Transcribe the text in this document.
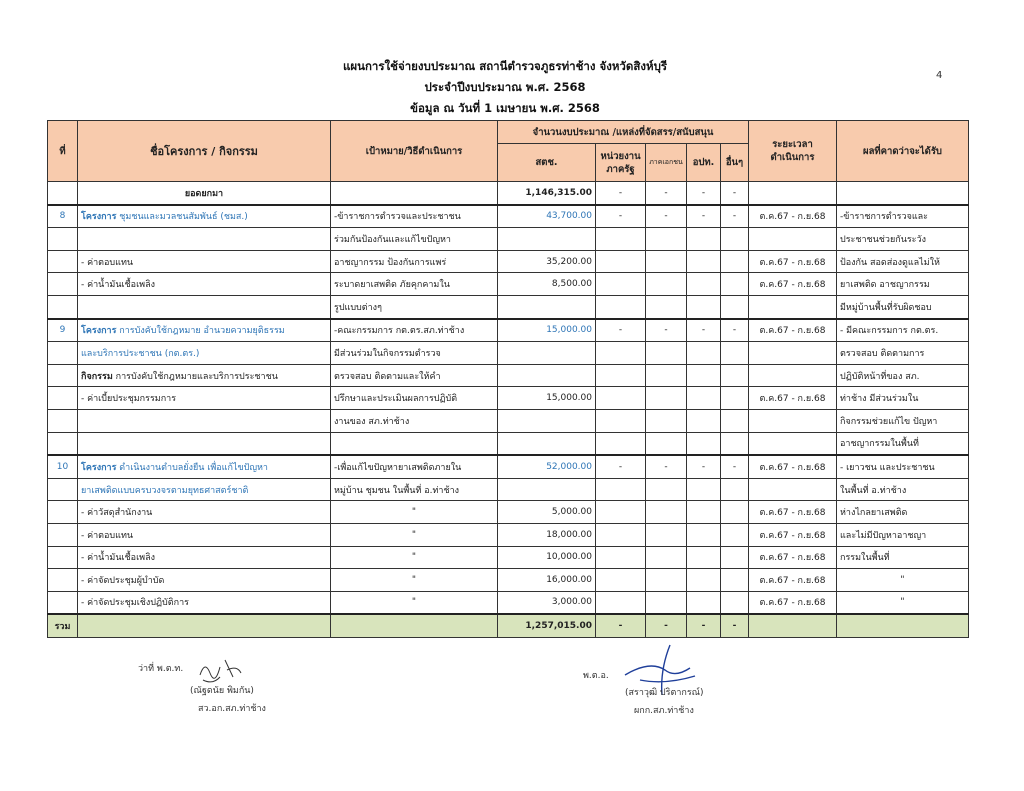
แผนการใช้จ่ายงบประมาณ สถานีตำรวจภูธรท่าช้าง จังหวัดสิงห์บุรี
ประจำปีงบประมาณ พ.ศ. 2568
ข้อมูล ณ วันที่ 1 เมษายน พ.ศ. 2568
4
ที่	ชื่อโครงการ / กิจกรรม	เป้าหมาย/วิธีดำเนินการ	จำนวนงบประมาณ /แหล่งที่จัดสรร/สนับสนุน					ระยะเวลา ดำเนินการ	ผลที่คาดว่าจะได้รับ
			สตช.	หน่วยงาน ภาครัฐ	ภาคเอกชน	อปท.	อื่นๆ		
	ยอดยกมา		1,146,315.00	-	-	-	-		
8	โครงการ ชุมชนและมวลชนสัมพันธ์ (ชมส.)	-ข้าราชการตำรวจและประชาชน	43,700.00	-	-	-	-	ต.ค.67 - ก.ย.68	-ข้าราชการตำรวจและ
		ร่วมกันป้องกันและแก้ไขปัญหา							ประชาชนช่วยกันระวัง
	- ค่าตอบแทน	อาชญากรรม ป้องกันการแพร่	35,200.00					ต.ค.67 - ก.ย.68	ป้องกัน สอดส่องดูแลไม่ให้
	- ค่าน้ำมันเชื้อเพลิง	ระบาดยาเสพติด ภัยคุกคามใน	8,500.00					ต.ค.67 - ก.ย.68	ยาเสพติด อาชญากรรม
		รูปแบบต่างๆ							มีหมู่บ้านพื้นที่รับผิดชอบ
9	โครงการ การบังคับใช้กฎหมาย อำนวยความยุติธรรม	-คณะกรรมการ กต.ตร.สภ.ท่าช้าง	15,000.00	-	-	-	-	ต.ค.67 - ก.ย.68	- มีคณะกรรมการ กต.ตร.
	และบริการประชาชน (กต.ตร.)	มีส่วนร่วมในกิจกรรมตำรวจ							ตรวจสอบ ติดตามการ
	กิจกรรม การบังคับใช้กฎหมายและบริการประชาชน	ตรวจสอบ ติดตามและให้คำ							ปฏิบัติหน้าที่ของ สภ.
	- ค่าเบี้ยประชุมกรรมการ	ปรึกษาและประเมินผลการปฏิบัติ	15,000.00					ต.ค.67 - ก.ย.68	ท่าช้าง มีส่วนร่วมใน
		งานของ สภ.ท่าช้าง							กิจกรรมช่วยแก้ไข ปัญหา
									อาชญากรรมในพื้นที่
10	โครงการ ดำเนินงานตำบลยั่งยืน เพื่อแก้ไขปัญหา	-เพื่อแก้ไขปัญหายาเสพติดภายใน	52,000.00	-	-	-	-	ต.ค.67 - ก.ย.68	- เยาวชน และประชาชน
	ยาเสพติดแบบครบวงจรตามยุทธศาสตร์ชาติ	หมู่บ้าน ชุมชน ในพื้นที่ อ.ท่าช้าง							ในพื้นที่ อ.ท่าช้าง
	- ค่าวัสดุสำนักงาน	"	5,000.00					ต.ค.67 - ก.ย.68	ห่างไกลยาเสพติด
	- ค่าตอบแทน	"	18,000.00					ต.ค.67 - ก.ย.68	และไม่มีปัญหาอาชญา
	- ค่าน้ำมันเชื้อเพลิง	"	10,000.00					ต.ค.67 - ก.ย.68	กรรมในพื้นที่
	- ค่าจัดประชุมผู้บำบัด	"	16,000.00					ต.ค.67 - ก.ย.68	"
	- ค่าจัดประชุมเชิงปฏิบัติการ	"	3,000.00					ต.ค.67 - ก.ย.68	"
รวม			1,257,015.00	-	-	-	-		
ว่าที่ พ.ต.ท.
(ณัฐดนัย พิมกัน)
สว.อก.สภ.ท่าช้าง
พ.ต.อ.
(สราวุฒิ ปริตากรณ์)
ผกก.สภ.ท่าช้าง
